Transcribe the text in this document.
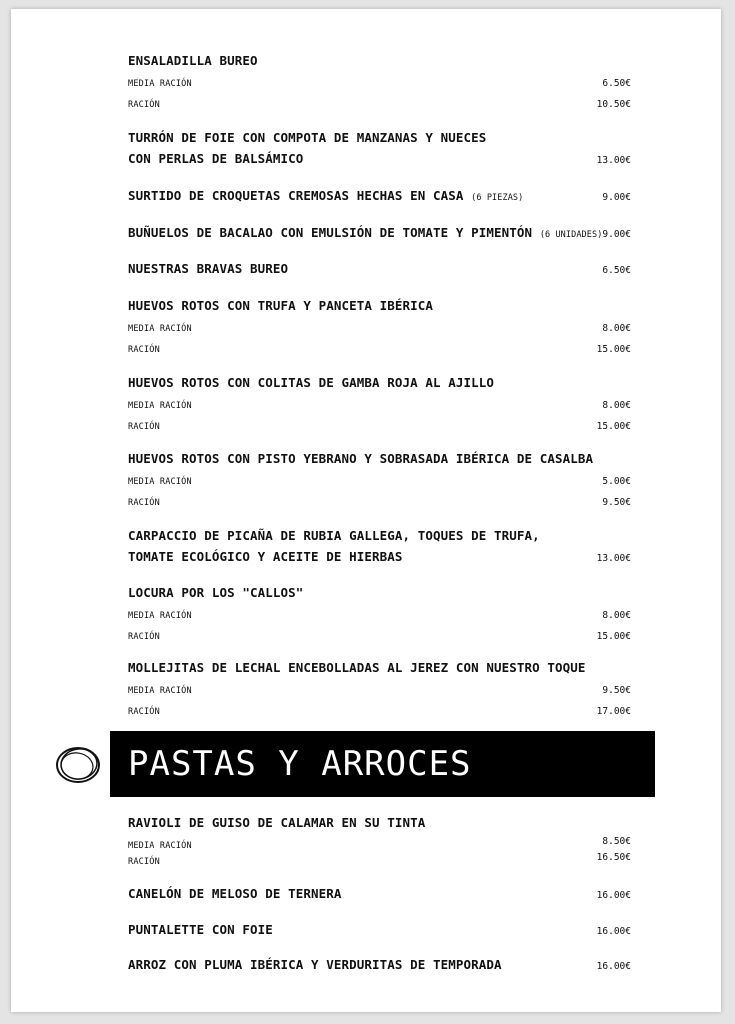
ENSALADILLA BUREO
MEDIA RACIÓN	6.50€
RACIÓN	10.50€
TURRÓN DE FOIE CON COMPOTA DE MANZANAS Y NUECES
CON PERLAS DE BALSÁMICO	13.00€
SURTIDO DE CROQUETAS CREMOSAS HECHAS EN CASA (6 PIEZAS)	9.00€
BUÑUELOS DE BACALAO CON EMULSIÓN DE TOMATE Y PIMENTÓN (6 UNIDADES) 9.00€
NUESTRAS BRAVAS BUREO	6.50€
HUEVOS ROTOS CON TRUFA Y PANCETA IBÉRICA
MEDIA RACIÓN	8.00€
RACIÓN	15.00€
HUEVOS ROTOS CON COLITAS DE GAMBA ROJA AL AJILLO
MEDIA RACIÓN	8.00€
RACIÓN	15.00€
HUEVOS ROTOS CON PISTO YEBRANO Y SOBRASADA IBÉRICA DE CASALBA
MEDIA RACIÓN	5.00€
RACIÓN	9.50€
CARPACCIO DE PICAÑA DE RUBIA GALLEGA, TOQUES DE TRUFA,
TOMATE ECOLÓGICO Y ACEITE DE HIERBAS	13.00€
LOCURA POR LOS "CALLOS"
MEDIA RACIÓN	8.00€
RACIÓN	15.00€
MOLLEJITAS DE LECHAL ENCEBOLLADAS AL JEREZ CON NUESTRO TOQUE
MEDIA RACIÓN	9.50€
RACIÓN	17.00€
RAVIOLI DE GUISO DE CALAMAR EN SU TINTA
MEDIA RACIÓN	8.50€
RACIÓN	16.50€
CANELÓN DE MELOSO DE TERNERA	16.00€
PUNTALETTE CON FOIE	16.00€
ARROZ CON PLUMA IBÉRICA Y VERDURITAS DE TEMPORADA	16.00€
PASTAS Y ARROCES
